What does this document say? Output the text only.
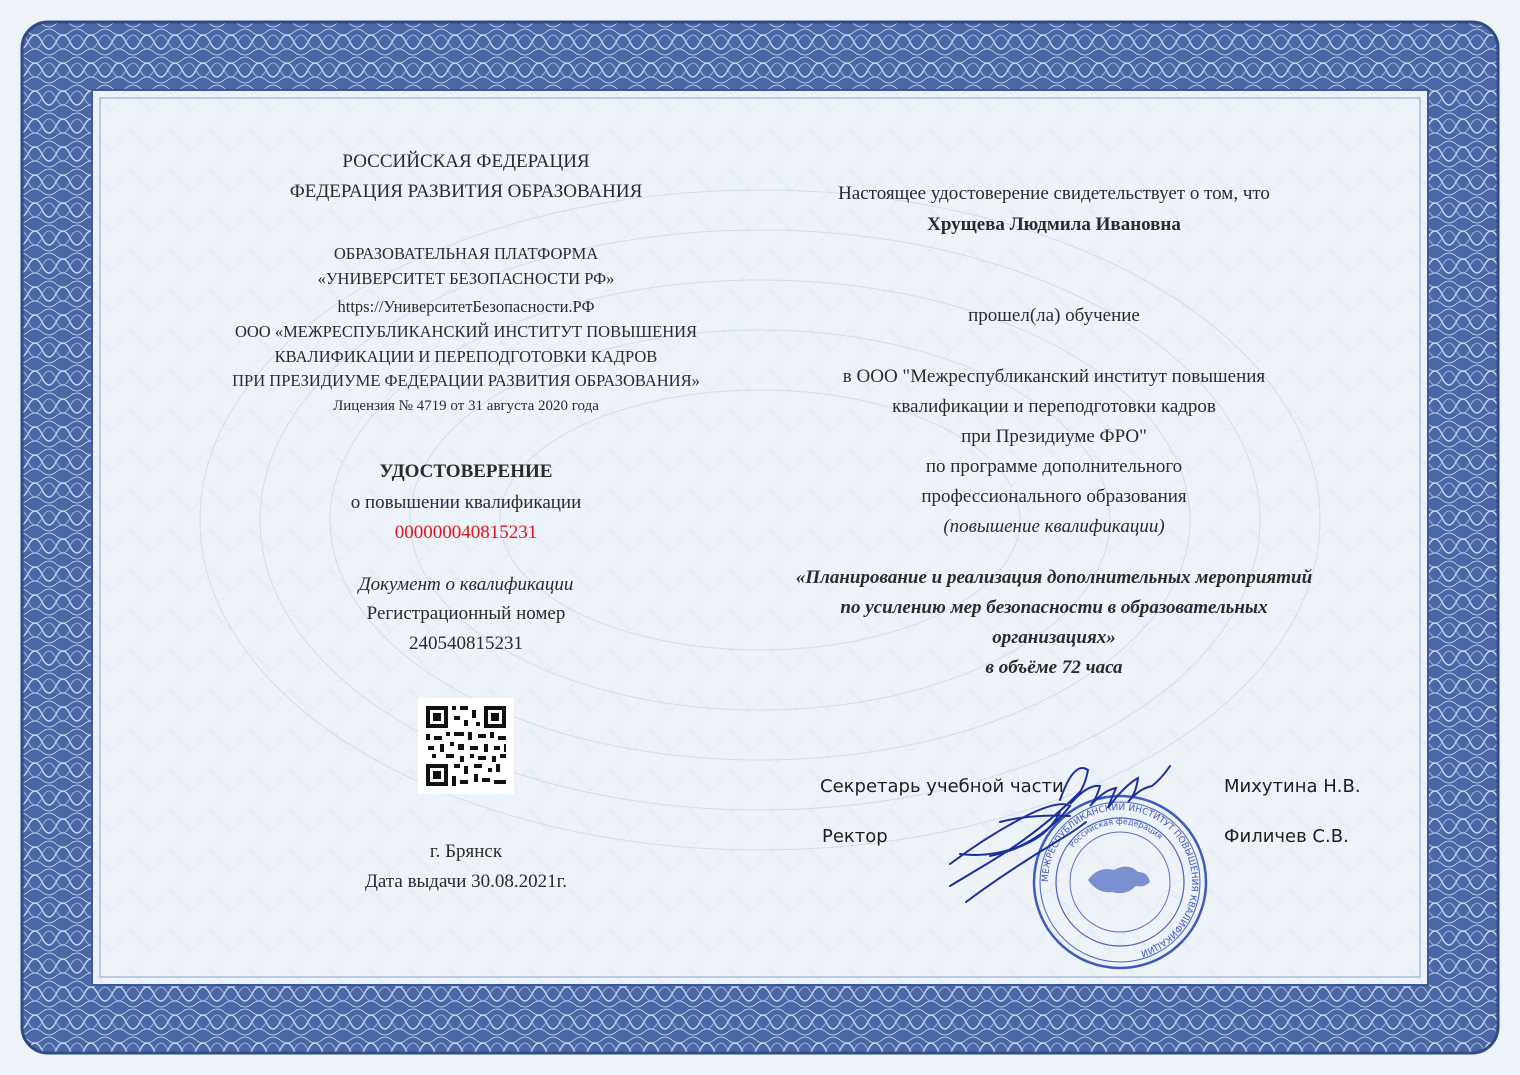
РОССИЙСКАЯ ФЕДЕРАЦИЯ
ФЕДЕРАЦИЯ РАЗВИТИЯ ОБРАЗОВАНИЯ
ОБРАЗОВАТЕЛЬНАЯ ПЛАТФОРМА
«УНИВЕРСИТЕТ БЕЗОПАСНОСТИ РФ»
https://УниверситетБезопасности.РФ
ООО «МЕЖРЕСПУБЛИКАНСКИЙ ИНСТИТУТ ПОВЫШЕНИЯ
КВАЛИФИКАЦИИ И ПЕРЕПОДГОТОВКИ КАДРОВ
ПРИ ПРЕЗИДИУМЕ ФЕДЕРАЦИИ РАЗВИТИЯ ОБРАЗОВАНИЯ»
Лицензия № 4719 от 31 августа 2020 года
УДОСТОВЕРЕНИЕ
о повышении квалификации
000000040815231
Документ о квалификации
Регистрационный номер
240540815231
г. Брянск
Дата выдачи 30.08.2021г.
Настоящее удостоверение свидетельствует о том, что
Хрущева Людмила Ивановна
прошел(ла) обучение
в ООО "Межреспубликанский институт повышения
квалификации и переподготовки кадров
при Президиуме ФРО"
по программе дополнительного
профессионального образования
(повышение квалификации)
«Планирование и реализация дополнительных мероприятий
по усилению мер безопасности в образовательных
организациях»
в объёме 72 часа
Секретарь учебной части	Михутина Н.В.
Ректор	Филичев С.В.
МЕЖРЕСПУБЛИКАНСКИЙ ИНСТИТУТ ПОВЫШЕНИЯ КВАЛИФИКАЦИИ
Российская федерация
